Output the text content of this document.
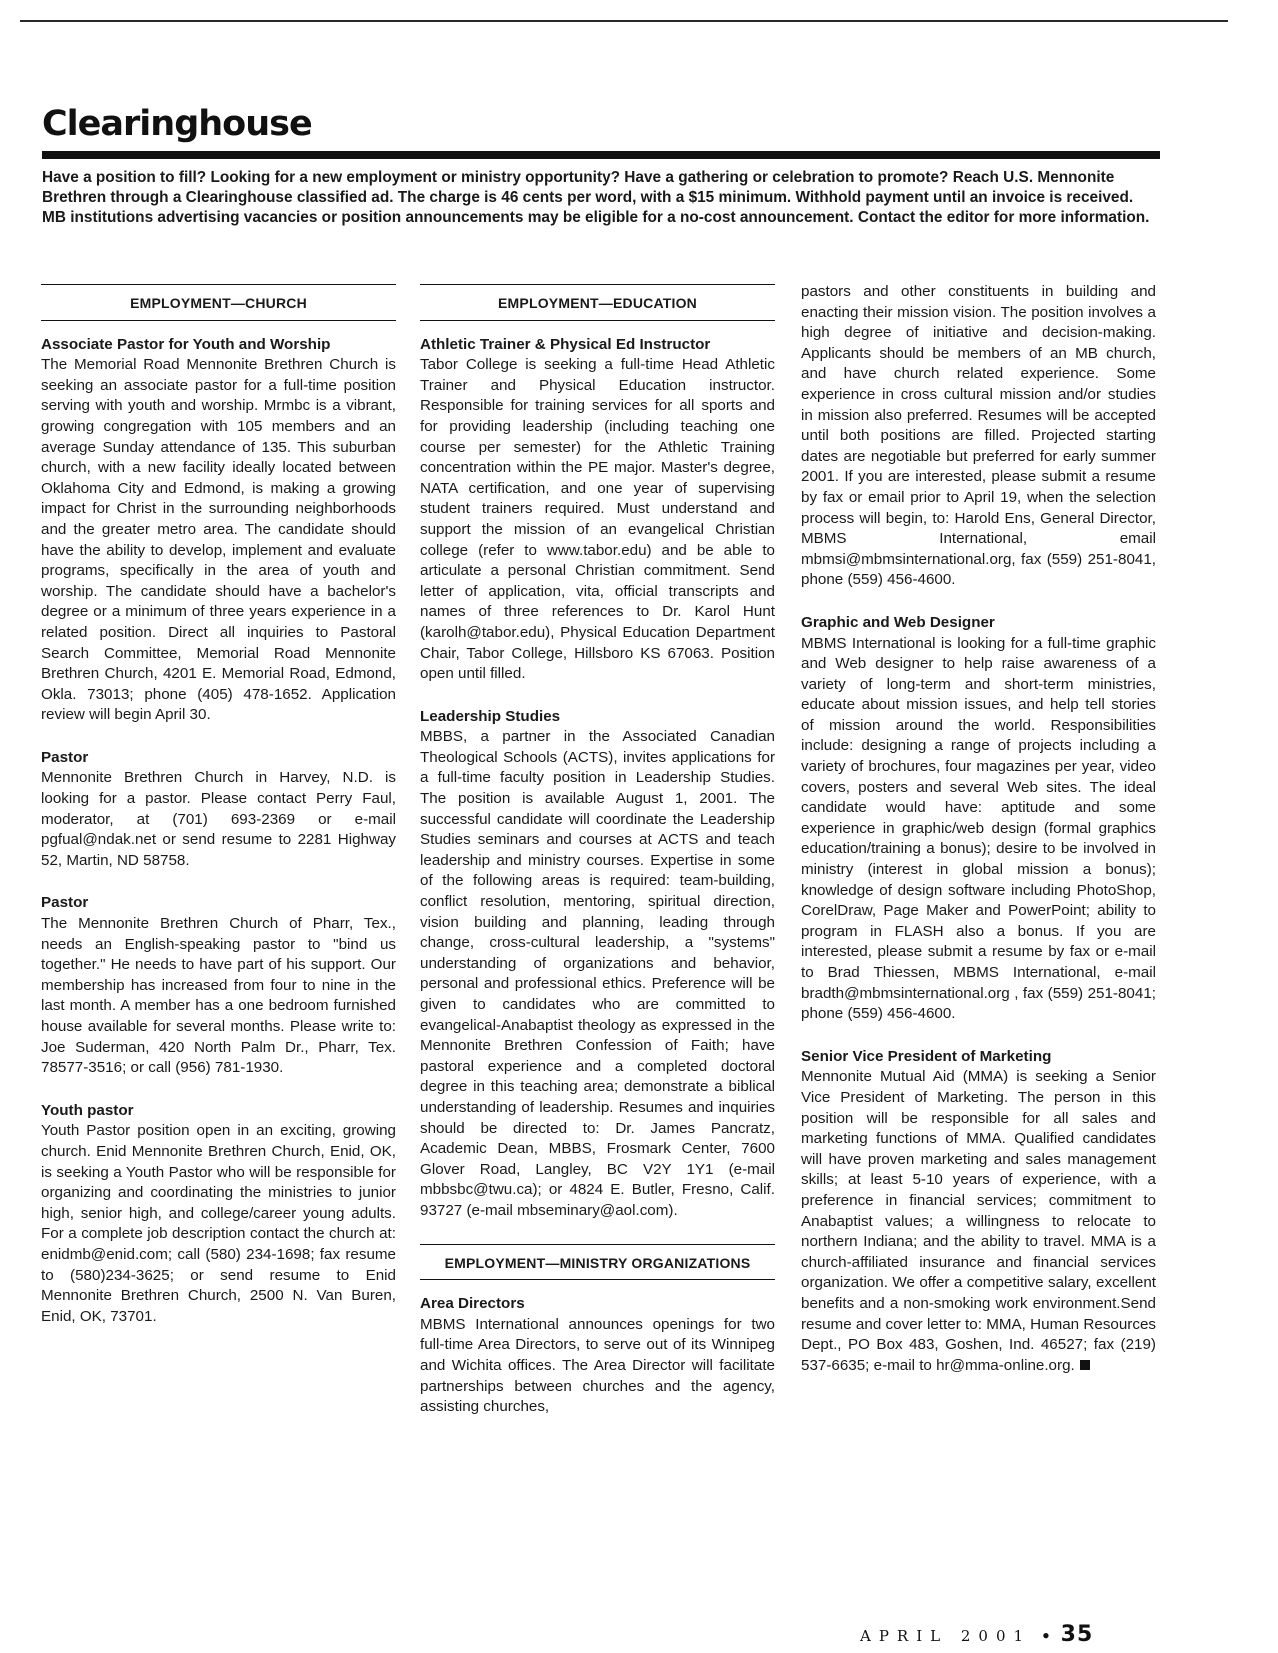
Clearinghouse

Have a position to fill? Looking for a new employment or ministry opportunity? Have a gathering or celebration to promote? Reach U.S. Mennonite Brethren through a Clearinghouse classified ad. The charge is 46 cents per word, with a $15 minimum. Withhold payment until an invoice is received. MB institutions advertising vacancies or position announcements may be eligible for a no-cost announcement. Contact the editor for more information.

EMPLOYMENT—CHURCH

Associate Pastor for Youth and Worship

The Memorial Road Mennonite Brethren Church is seeking an associate pastor for a full-time position serving with youth and worship. Mrmbc is a vibrant, growing congregation with 105 members and an average Sunday attendance of 135. This suburban church, with a new facility ideally located between Oklahoma City and Edmond, is making a growing impact for Christ in the surrounding neighborhoods and the greater metro area. The candidate should have the ability to develop, implement and evaluate programs, specifically in the area of youth and worship. The candidate should have a bachelor's degree or a minimum of three years experience in a related position. Direct all inquiries to Pastoral Search Committee, Memorial Road Mennonite Brethren Church, 4201 E. Memorial Road, Edmond, Okla. 73013; phone (405) 478-1652. Application review will begin April 30.

Pastor

Mennonite Brethren Church in Harvey, N.D. is looking for a pastor. Please contact Perry Faul, moderator, at (701) 693-2369 or e-mail pgfual@ndak.net or send resume to 2281 Highway 52, Martin, ND 58758.

Pastor

The Mennonite Brethren Church of Pharr, Tex., needs an English-speaking pastor to "bind us together." He needs to have part of his support. Our membership has increased from four to nine in the last month. A member has a one bedroom furnished house available for several months. Please write to: Joe Suderman, 420 North Palm Dr., Pharr, Tex. 78577-3516; or call (956) 781-1930.

Youth pastor

Youth Pastor position open in an exciting, growing church. Enid Mennonite Brethren Church, Enid, OK, is seeking a Youth Pastor who will be responsible for organizing and coordinating the ministries to junior high, senior high, and college/career young adults. For a complete job description contact the church at: enidmb@enid.com; call (580) 234-1698; fax resume to (580)234-3625; or send resume to Enid Mennonite Brethren Church, 2500 N. Van Buren, Enid, OK, 73701.

EMPLOYMENT—EDUCATION

Athletic Trainer & Physical Ed Instructor

Tabor College is seeking a full-time Head Athletic Trainer and Physical Education instructor. Responsible for training services for all sports and for providing leadership (including teaching one course per semester) for the Athletic Training concentration within the PE major. Master's degree, NATA certification, and one year of supervising student trainers required. Must understand and support the mission of an evangelical Christian college (refer to www.tabor.edu) and be able to articulate a personal Christian commitment. Send letter of application, vita, official transcripts and names of three references to Dr. Karol Hunt (karolh@tabor.edu), Physical Education Department Chair, Tabor College, Hillsboro KS 67063. Position open until filled.

Leadership Studies

MBBS, a partner in the Associated Canadian Theological Schools (ACTS), invites applications for a full-time faculty position in Leadership Studies. The position is available August 1, 2001. The successful candidate will coordinate the Leadership Studies seminars and courses at ACTS and teach leadership and ministry courses. Expertise in some of the following areas is required: team-building, conflict resolution, mentoring, spiritual direction, vision building and planning, leading through change, cross-cultural leadership, a "systems" understanding of organizations and behavior, personal and professional ethics. Preference will be given to candidates who are committed to evangelical-Anabaptist theology as expressed in the Mennonite Brethren Confession of Faith; have pastoral experience and a completed doctoral degree in this teaching area; demonstrate a biblical understanding of leadership. Resumes and inquiries should be directed to: Dr. James Pancratz, Academic Dean, MBBS, Frosmark Center, 7600 Glover Road, Langley, BC V2Y 1Y1 (e-mail mbbsbc@twu.ca); or 4824 E. Butler, Fresno, Calif. 93727 (e-mail mbseminary@aol.com).

EMPLOYMENT—MINISTRY ORGANIZATIONS

Area Directors

MBMS International announces openings for two full-time Area Directors, to serve out of its Winnipeg and Wichita offices. The Area Director will facilitate partnerships between churches and the agency, assisting churches,

pastors and other constituents in building and enacting their mission vision. The position involves a high degree of initiative and decision-making. Applicants should be members of an MB church, and have church related experience. Some experience in cross cultural mission and/or studies in mission also preferred. Resumes will be accepted until both positions are filled. Projected starting dates are negotiable but preferred for early summer 2001. If you are interested, please submit a resume by fax or email prior to April 19, when the selection process will begin, to: Harold Ens, General Director, MBMS International, email mbmsi@mbmsinternational.org, fax (559) 251-8041, phone (559) 456-4600.

Graphic and Web Designer

MBMS International is looking for a full-time graphic and Web designer to help raise awareness of a variety of long-term and short-term ministries, educate about mission issues, and help tell stories of mission around the world. Responsibilities include: designing a range of projects including a variety of brochures, four magazines per year, video covers, posters and several Web sites. The ideal candidate would have: aptitude and some experience in graphic/web design (formal graphics education/training a bonus); desire to be involved in ministry (interest in global mission a bonus); knowledge of design software including PhotoShop, CorelDraw, Page Maker and PowerPoint; ability to program in FLASH also a bonus. If you are interested, please submit a resume by fax or e-mail to Brad Thiessen, MBMS International, e-mail bradth@mbmsinternational.org , fax (559) 251-8041; phone (559) 456-4600.

Senior Vice President of Marketing

Mennonite Mutual Aid (MMA) is seeking a Senior Vice President of Marketing. The person in this position will be responsible for all sales and marketing functions of MMA. Qualified candidates will have proven marketing and sales management skills; at least 5-10 years of experience, with a preference in financial services; commitment to Anabaptist values; a willingness to relocate to northern Indiana; and the ability to travel. MMA is a church-affiliated insurance and financial services organization. We offer a competitive salary, excellent benefits and a non-smoking work environment.Send resume and cover letter to: MMA, Human Resources Dept., PO Box 483, Goshen, Ind. 46527; fax (219) 537-6635; e-mail to hr@mma-online.org.

APRIL 2001 • 35
